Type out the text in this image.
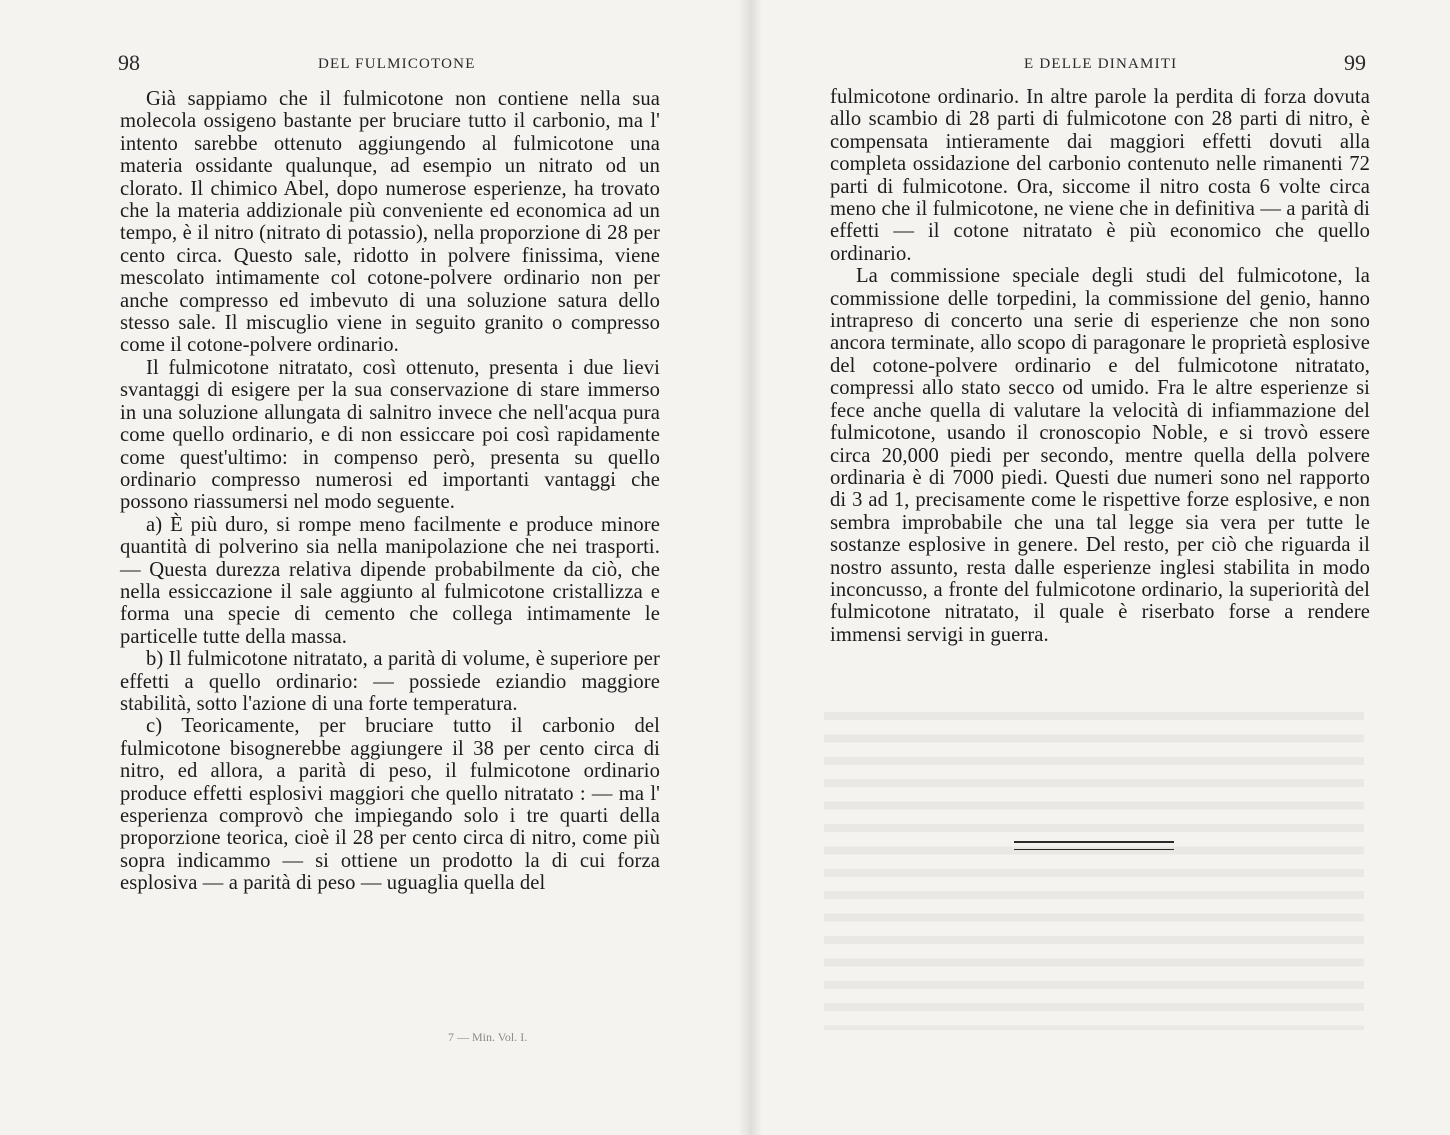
98	DEL FULMICOTONE

Già sappiamo che il fulmicotone non contiene nella sua molecola ossigeno bastante per bruciare tutto il carbonio, ma l' intento sarebbe ottenuto aggiungendo al fulmicotone una materia ossidante qualunque, ad esempio un nitrato od un clorato. Il chimico Abel, dopo numerose esperienze, ha trovato che la materia addizionale più conveniente ed economica ad un tempo, è il nitro (nitrato di potassio), nella proporzione di 28 per cento circa. Questo sale, ridotto in polvere finissima, viene mescolato intimamente col cotone-polvere ordinario non per anche compresso ed imbevuto di una soluzione satura dello stesso sale. Il miscuglio viene in seguito granito o compresso come il cotone-polvere ordinario.

Il fulmicotone nitratato, così ottenuto, presenta i due lievi svantaggi di esigere per la sua conservazione di stare immerso in una soluzione allungata di salnitro invece che nell'acqua pura come quello ordinario, e di non essiccare poi così rapidamente come quest'ultimo: in compenso però, presenta su quello ordinario compresso numerosi ed importanti vantaggi che possono riassumersi nel modo seguente.

a) È più duro, si rompe meno facilmente e produce minore quantità di polverino sia nella manipolazione che nei trasporti. — Questa durezza relativa dipende probabilmente da ciò, che nella essiccazione il sale aggiunto al fulmicotone cristallizza e forma una specie di cemento che collega intimamente le particelle tutte della massa.

b) Il fulmicotone nitratato, a parità di volume, è superiore per effetti a quello ordinario: — possiede eziandio maggiore stabilità, sotto l'azione di una forte temperatura.

c) Teoricamente, per bruciare tutto il carbonio del fulmicotone bisognerebbe aggiungere il 38 per cento circa di nitro, ed allora, a parità di peso, il fulmicotone ordinario produce effetti esplosivi maggiori che quello nitratato : — ma l' esperienza comprovò che impiegando solo i tre quarti della proporzione teorica, cioè il 28 per cento circa di nitro, come più sopra indicammo — si ottiene un prodotto la di cui forza esplosiva — a parità di peso — uguaglia quella del

7 — Min. Vol. I.
E DELLE DINAMITI	99

fulmicotone ordinario. In altre parole la perdita di forza dovuta allo scambio di 28 parti di fulmicotone con 28 parti di nitro, è compensata intieramente dai maggiori effetti dovuti alla completa ossidazione del carbonio contenuto nelle rimanenti 72 parti di fulmicotone. Ora, siccome il nitro costa 6 volte circa meno che il fulmicotone, ne viene che in definitiva — a parità di effetti — il cotone nitratato è più economico che quello ordinario.

La commissione speciale degli studi del fulmicotone, la commissione delle torpedini, la commissione del genio, hanno intrapreso di concerto una serie di esperienze che non sono ancora terminate, allo scopo di paragonare le proprietà esplosive del cotone-polvere ordinario e del fulmicotone nitratato, compressi allo stato secco od umido. Fra le altre esperienze si fece anche quella di valutare la velocità di infiammazione del fulmicotone, usando il cronoscopio Noble, e si trovò essere circa 20,000 piedi per secondo, mentre quella della polvere ordinaria è di 7000 piedi. Questi due numeri sono nel rapporto di 3 ad 1, precisamente come le rispettive forze esplosive, e non sembra improbabile che una tal legge sia vera per tutte le sostanze esplosive in genere. Del resto, per ciò che riguarda il nostro assunto, resta dalle esperienze inglesi stabilita in modo inconcusso, a fronte del fulmicotone ordinario, la superiorità del fulmicotone nitratato, il quale è riserbato forse a rendere immensi servigi in guerra.
